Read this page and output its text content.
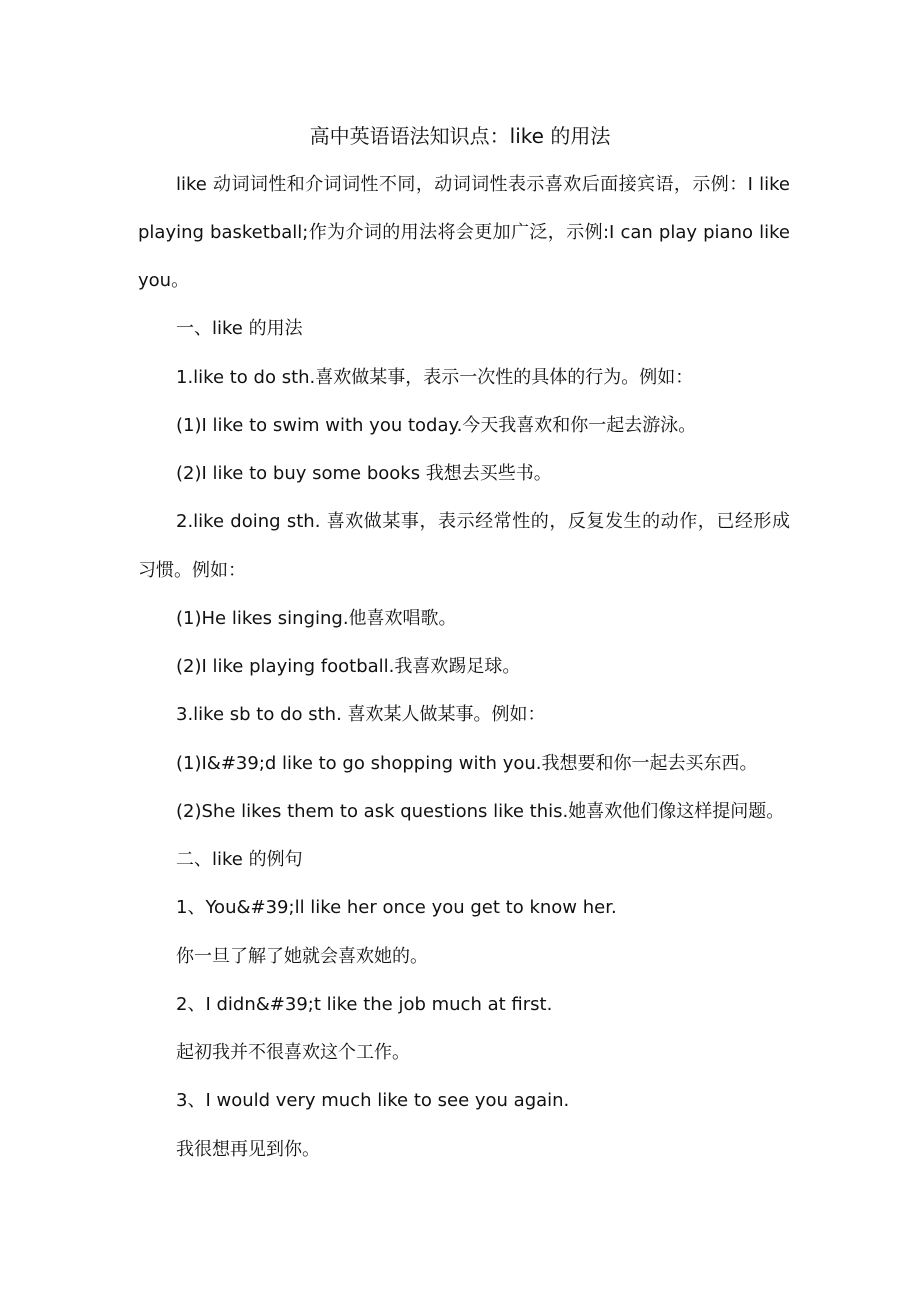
高中英语语法知识点：like 的用法
like 动词词性和介词词性不同，动词词性表示喜欢后面接宾语，示例：I like
playing basketball;作为介词的用法将会更加广泛，示例:I can play piano like
you。
一、like 的用法
1.like to do sth.喜欢做某事，表示一次性的具体的行为。例如：
(1)I like to swim with you today.今天我喜欢和你一起去游泳。
(2)I like to buy some books 我想去买些书。
2.like doing sth. 喜欢做某事，表示经常性的，反复发生的动作，已经形成
习惯。例如：
(1)He likes singing.他喜欢唱歌。
(2)I like playing football.我喜欢踢足球。
3.like sb to do sth. 喜欢某人做某事。例如：
(1)I&#39;d like to go shopping with you.我想要和你一起去买东西。
(2)She likes them to ask questions like this.她喜欢他们像这样提问题。
二、like 的例句
1、You&#39;ll like her once you get to know her.
你一旦了解了她就会喜欢她的。
2、I didn&#39;t like the job much at first.
起初我并不很喜欢这个工作。
3、I would very much like to see you again.
我很想再见到你。
